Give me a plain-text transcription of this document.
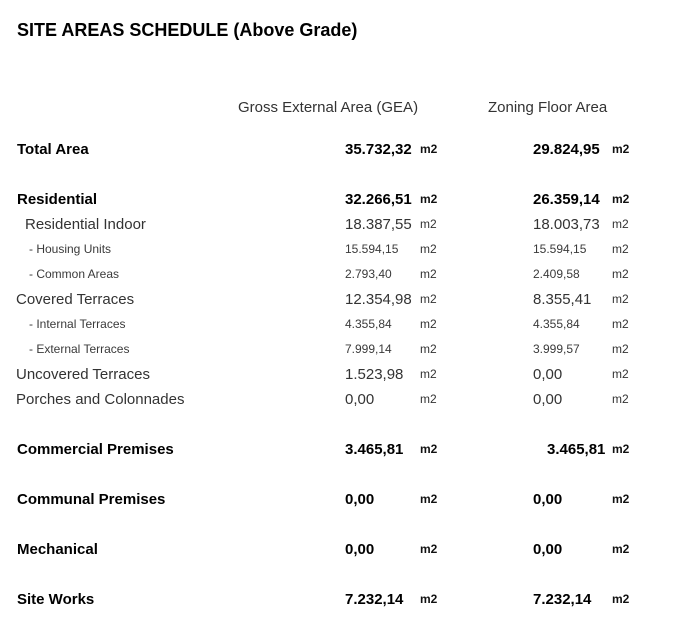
SITE AREAS SCHEDULE (Above Grade)
Gross External Area (GEA)	Zoning Floor Area
Total Area	35.732,32 m2	29.824,95 m2
Residential	32.266,51 m2	26.359,14 m2
Residential Indoor	18.387,55 m2	18.003,73 m2
- Housing Units	15.594,15 m2	15.594,15 m2
- Common Areas	2.793,40 m2	2.409,58	m2
Covered Terraces	12.354,98 m2	8.355,41 m2
- Internal Terraces	4.355,84 m2	4.355,84	m2
- External Terraces	7.999,14 m2	3.999,57	m2
Uncovered Terraces	1.523,98 m2	0,00	m2
Porches and Colonnades	0,00	m2	0,00	m2
Commercial Premises	3.465,81 m2	3.465,81 m2
Communal Premises	0,00	m2	0,00	m2
Mechanical	0,00	m2	0,00	m2
Site Works	7.232,14 m2	7.232,14 m2
